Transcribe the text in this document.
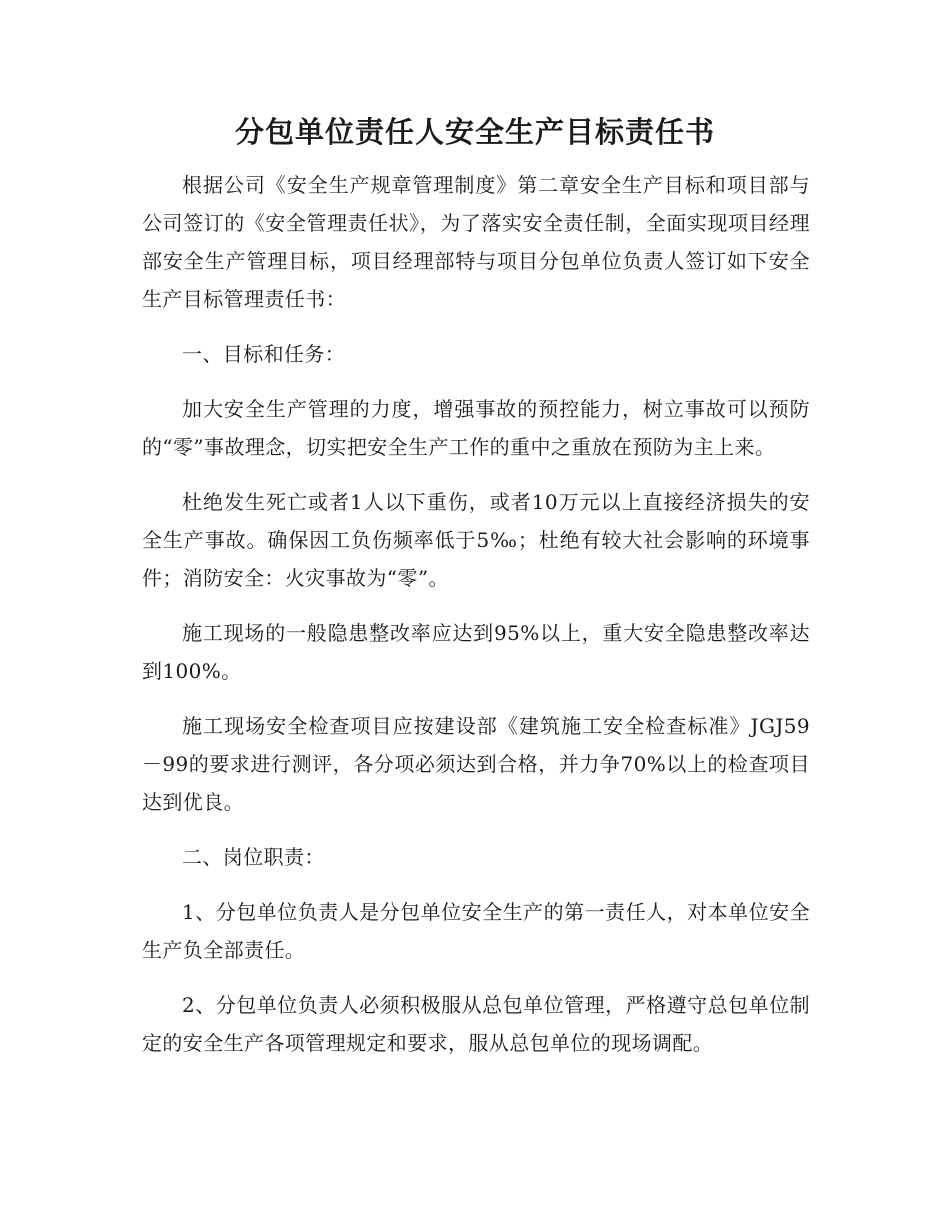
分包单位责任人安全生产目标责任书

根据公司《安全生产规章管理制度》第二章安全生产目标和项目部与公司签订的《安全管理责任状》，为了落实安全责任制，全面实现项目经理部安全生产管理目标，项目经理部特与项目分包单位负责人签订如下安全生产目标管理责任书：

一、目标和任务：

加大安全生产管理的力度，增强事故的预控能力，树立事故可以预防的“零”事故理念，切实把安全生产工作的重中之重放在预防为主上来。

杜绝发生死亡或者1人以下重伤，或者10万元以上直接经济损失的安全生产事故。确保因工负伤频率低于5‰；杜绝有较大社会影响的环境事件；消防安全：火灾事故为“零”。

施工现场的一般隐患整改率应达到95%以上，重大安全隐患整改率达到100%。

施工现场安全检查项目应按建设部《建筑施工安全检查标准》JGJ59－99的要求进行测评，各分项必须达到合格，并力争70%以上的检查项目达到优良。

二、岗位职责：

1、分包单位负责人是分包单位安全生产的第一责任人，对本单位安全生产负全部责任。

2、分包单位负责人必须积极服从总包单位管理，严格遵守总包单位制定的安全生产各项管理规定和要求，服从总包单位的现场调配。
